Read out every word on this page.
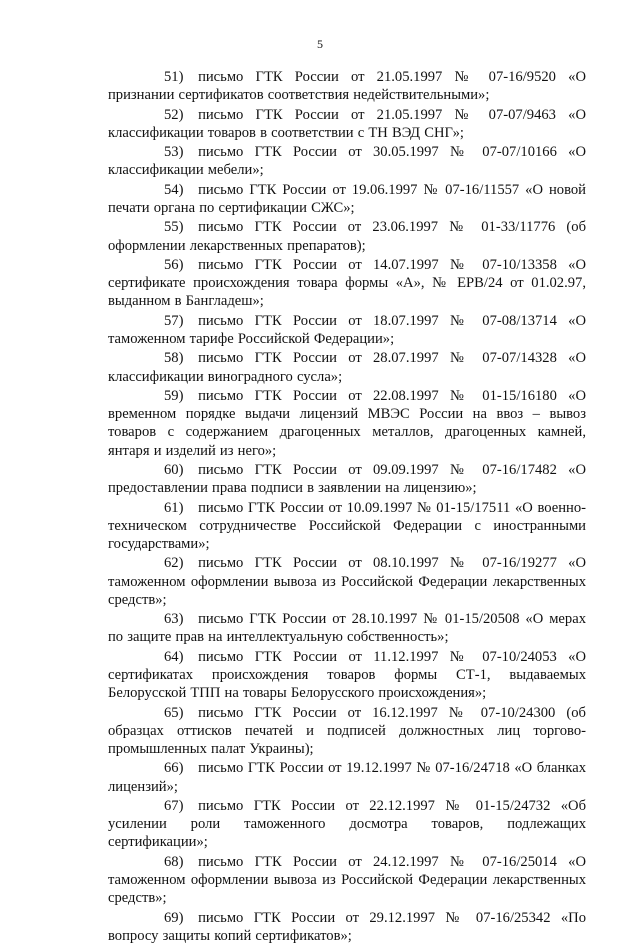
5

51)  письмо ГТК России от 21.05.1997 № 07-16/9520 «О признании сертификатов соответствия недействительными»;

52)  письмо ГТК России от 21.05.1997 № 07-07/9463 «О классификации товаров в соответствии с ТН ВЭД СНГ»;

53)  письмо ГТК России от 30.05.1997 № 07-07/10166 «О классификации мебели»;

54)  письмо ГТК России от 19.06.1997 № 07-16/11557 «О новой печати органа по сертификации СЖС»;

55)  письмо ГТК России от 23.06.1997 № 01-33/11776 (об оформлении лекарственных препаратов);

56)  письмо ГТК России от 14.07.1997 № 07-10/13358 «О сертификате происхождения товара формы «А», № ЕРВ/24 от 01.02.97, выданном в Бангладеш»;

57)  письмо ГТК России от 18.07.1997 № 07-08/13714 «О таможенном тарифе Российской Федерации»;

58)  письмо ГТК России от 28.07.1997 № 07-07/14328 «О классификации виноградного сусла»;

59)  письмо ГТК России от 22.08.1997 № 01-15/16180 «О временном порядке выдачи лицензий МВЭС России на ввоз – вывоз товаров с содержанием драгоценных металлов, драгоценных камней, янтаря и изделий из него»;

60)  письмо ГТК России от 09.09.1997 № 07-16/17482 «О предоставлении права подписи в заявлении на лицензию»;

61)  письмо ГТК России от 10.09.1997 № 01-15/17511 «О военно-техническом сотрудничестве Российской Федерации с иностранными государствами»;

62)  письмо ГТК России от 08.10.1997 № 07-16/19277 «О таможенном оформлении вывоза из Российской Федерации лекарственных средств»;

63)  письмо ГТК России от 28.10.1997 № 01-15/20508 «О мерах по защите прав на интеллектуальную собственность»;

64)  письмо ГТК России от 11.12.1997 № 07-10/24053 «О сертификатах происхождения товаров формы СТ-1, выдаваемых Белорусской ТПП на товары Белорусского происхождения»;

65)  письмо ГТК России от 16.12.1997 № 07-10/24300 (об образцах оттисков печатей и подписей должностных лиц торгово-промышленных палат Украины);

66)  письмо ГТК России от 19.12.1997 № 07-16/24718 «О бланках лицензий»;

67)  письмо ГТК России от 22.12.1997 № 01-15/24732 «Об усилении роли таможенного досмотра товаров, подлежащих сертификации»;

68)  письмо ГТК России от 24.12.1997 № 07-16/25014 «О таможенном оформлении вывоза из Российской Федерации лекарственных средств»;

69)  письмо ГТК России от 29.12.1997 № 07-16/25342 «По вопросу защиты копий сертификатов»;
